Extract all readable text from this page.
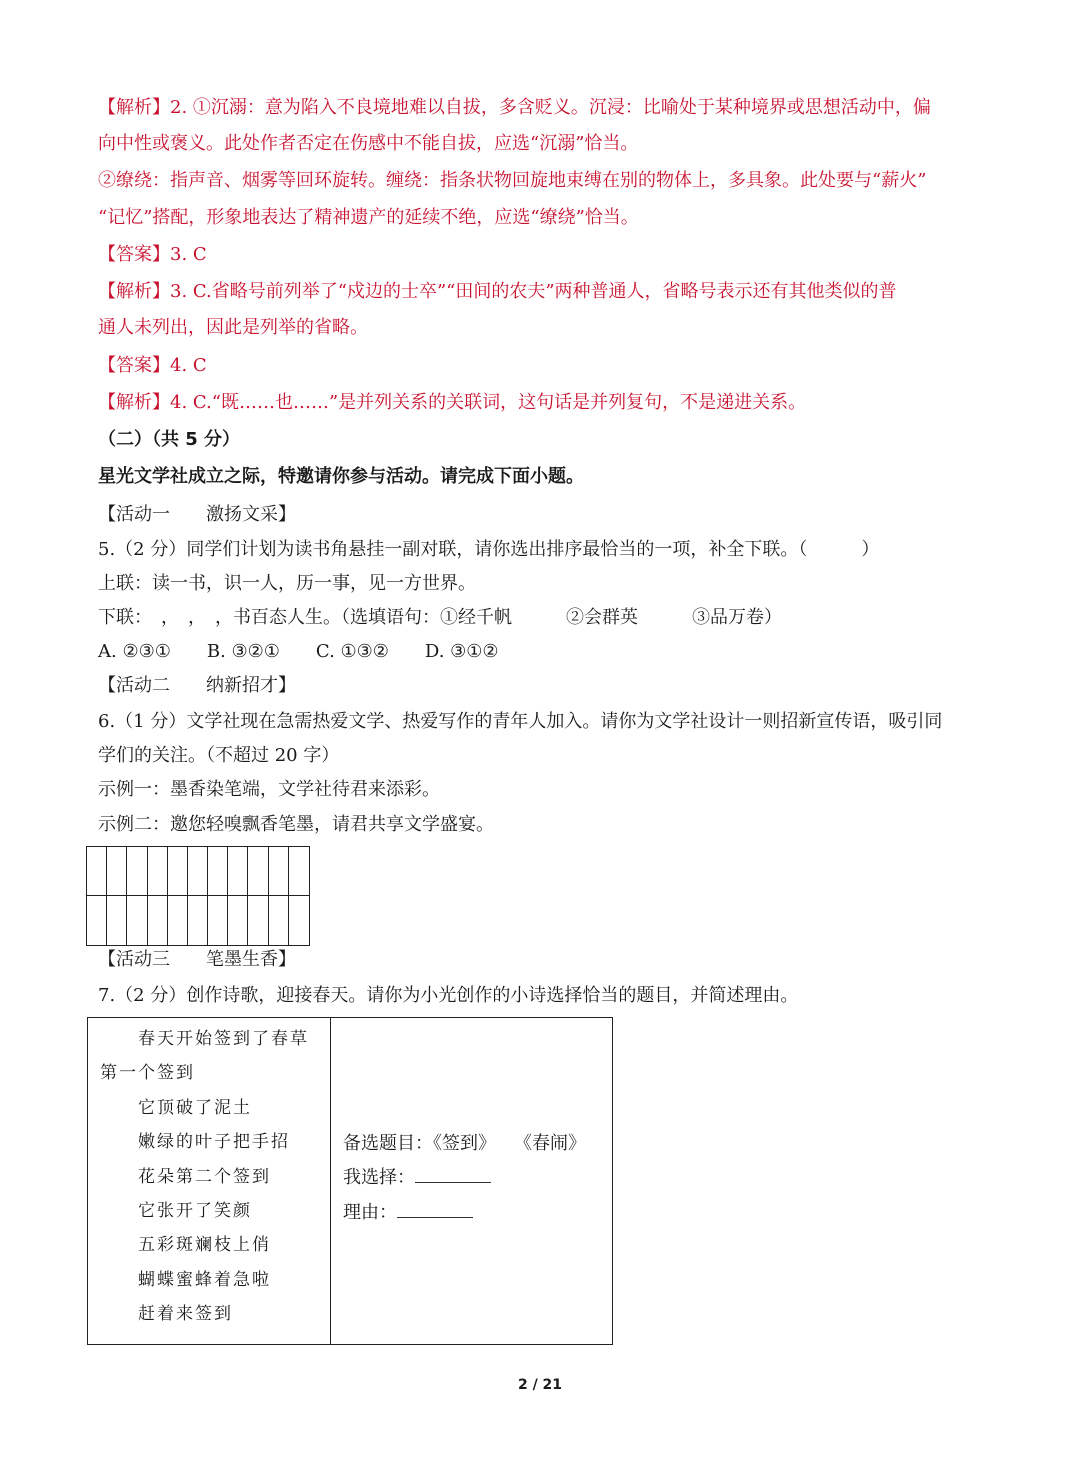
【解析】2. ①沉溺：意为陷入不良境地难以自拔，多含贬义。沉浸：比喻处于某种境界或思想活动中，偏
向中性或褒义。此处作者否定在伤感中不能自拔，应选“沉溺”恰当。
②缭绕：指声音、烟雾等回环旋转。缠绕：指条状物回旋地束缚在别的物体上，多具象。此处要与“薪火”
“记忆”搭配，形象地表达了精神遗产的延续不绝，应选“缭绕”恰当。
【答案】3. C
【解析】3. C.省略号前列举了“戍边的士卒”“田间的农夫”两种普通人，省略号表示还有其他类似的普
通人未列出，因此是列举的省略。
【答案】4. C
【解析】4. C.“既……也……”是并列关系的关联词，这句话是并列复句，不是递进关系。
（二）（共 5 分）
星光文学社成立之际，特邀请你参与活动。请完成下面小题。
【活动一　　激扬文采】
5.（2 分）同学们计划为读书角悬挂一副对联，请你选出排序最恰当的一项，补全下联。（　　　）
上联：读一书，识一人，历一事，见一方世界。
下联：　，　，　，书百态人生。（选填语句：①经千帆　　　②会群英　　　③品万卷）
A. ②③①　　B. ③②①　　C. ①③②　　D. ③①②
【活动二　　纳新招才】
6.（1 分）文学社现在急需热爱文学、热爱写作的青年人加入。请你为文学社设计一则招新宣传语，吸引同
学们的关注。（不超过 20 字）
示例一：墨香染笔端，文学社待君来添彩。
示例二：邀您轻嗅飘香笔墨，请君共享文学盛宴。
【活动三　　笔墨生香】
7.（2 分）创作诗歌，迎接春天。请你为小光创作的小诗选择恰当的题目，并简述理由。
春天开始签到了春草
第一个签到
它顶破了泥土
嫩绿的叶子把手招
花朵第二个签到
它张开了笑颜
五彩斑斓枝上俏
蝴蝶蜜蜂着急啦
赶着来签到
备选题目：《签到》　　《春闹》
我选择：
理由：
2 / 21
